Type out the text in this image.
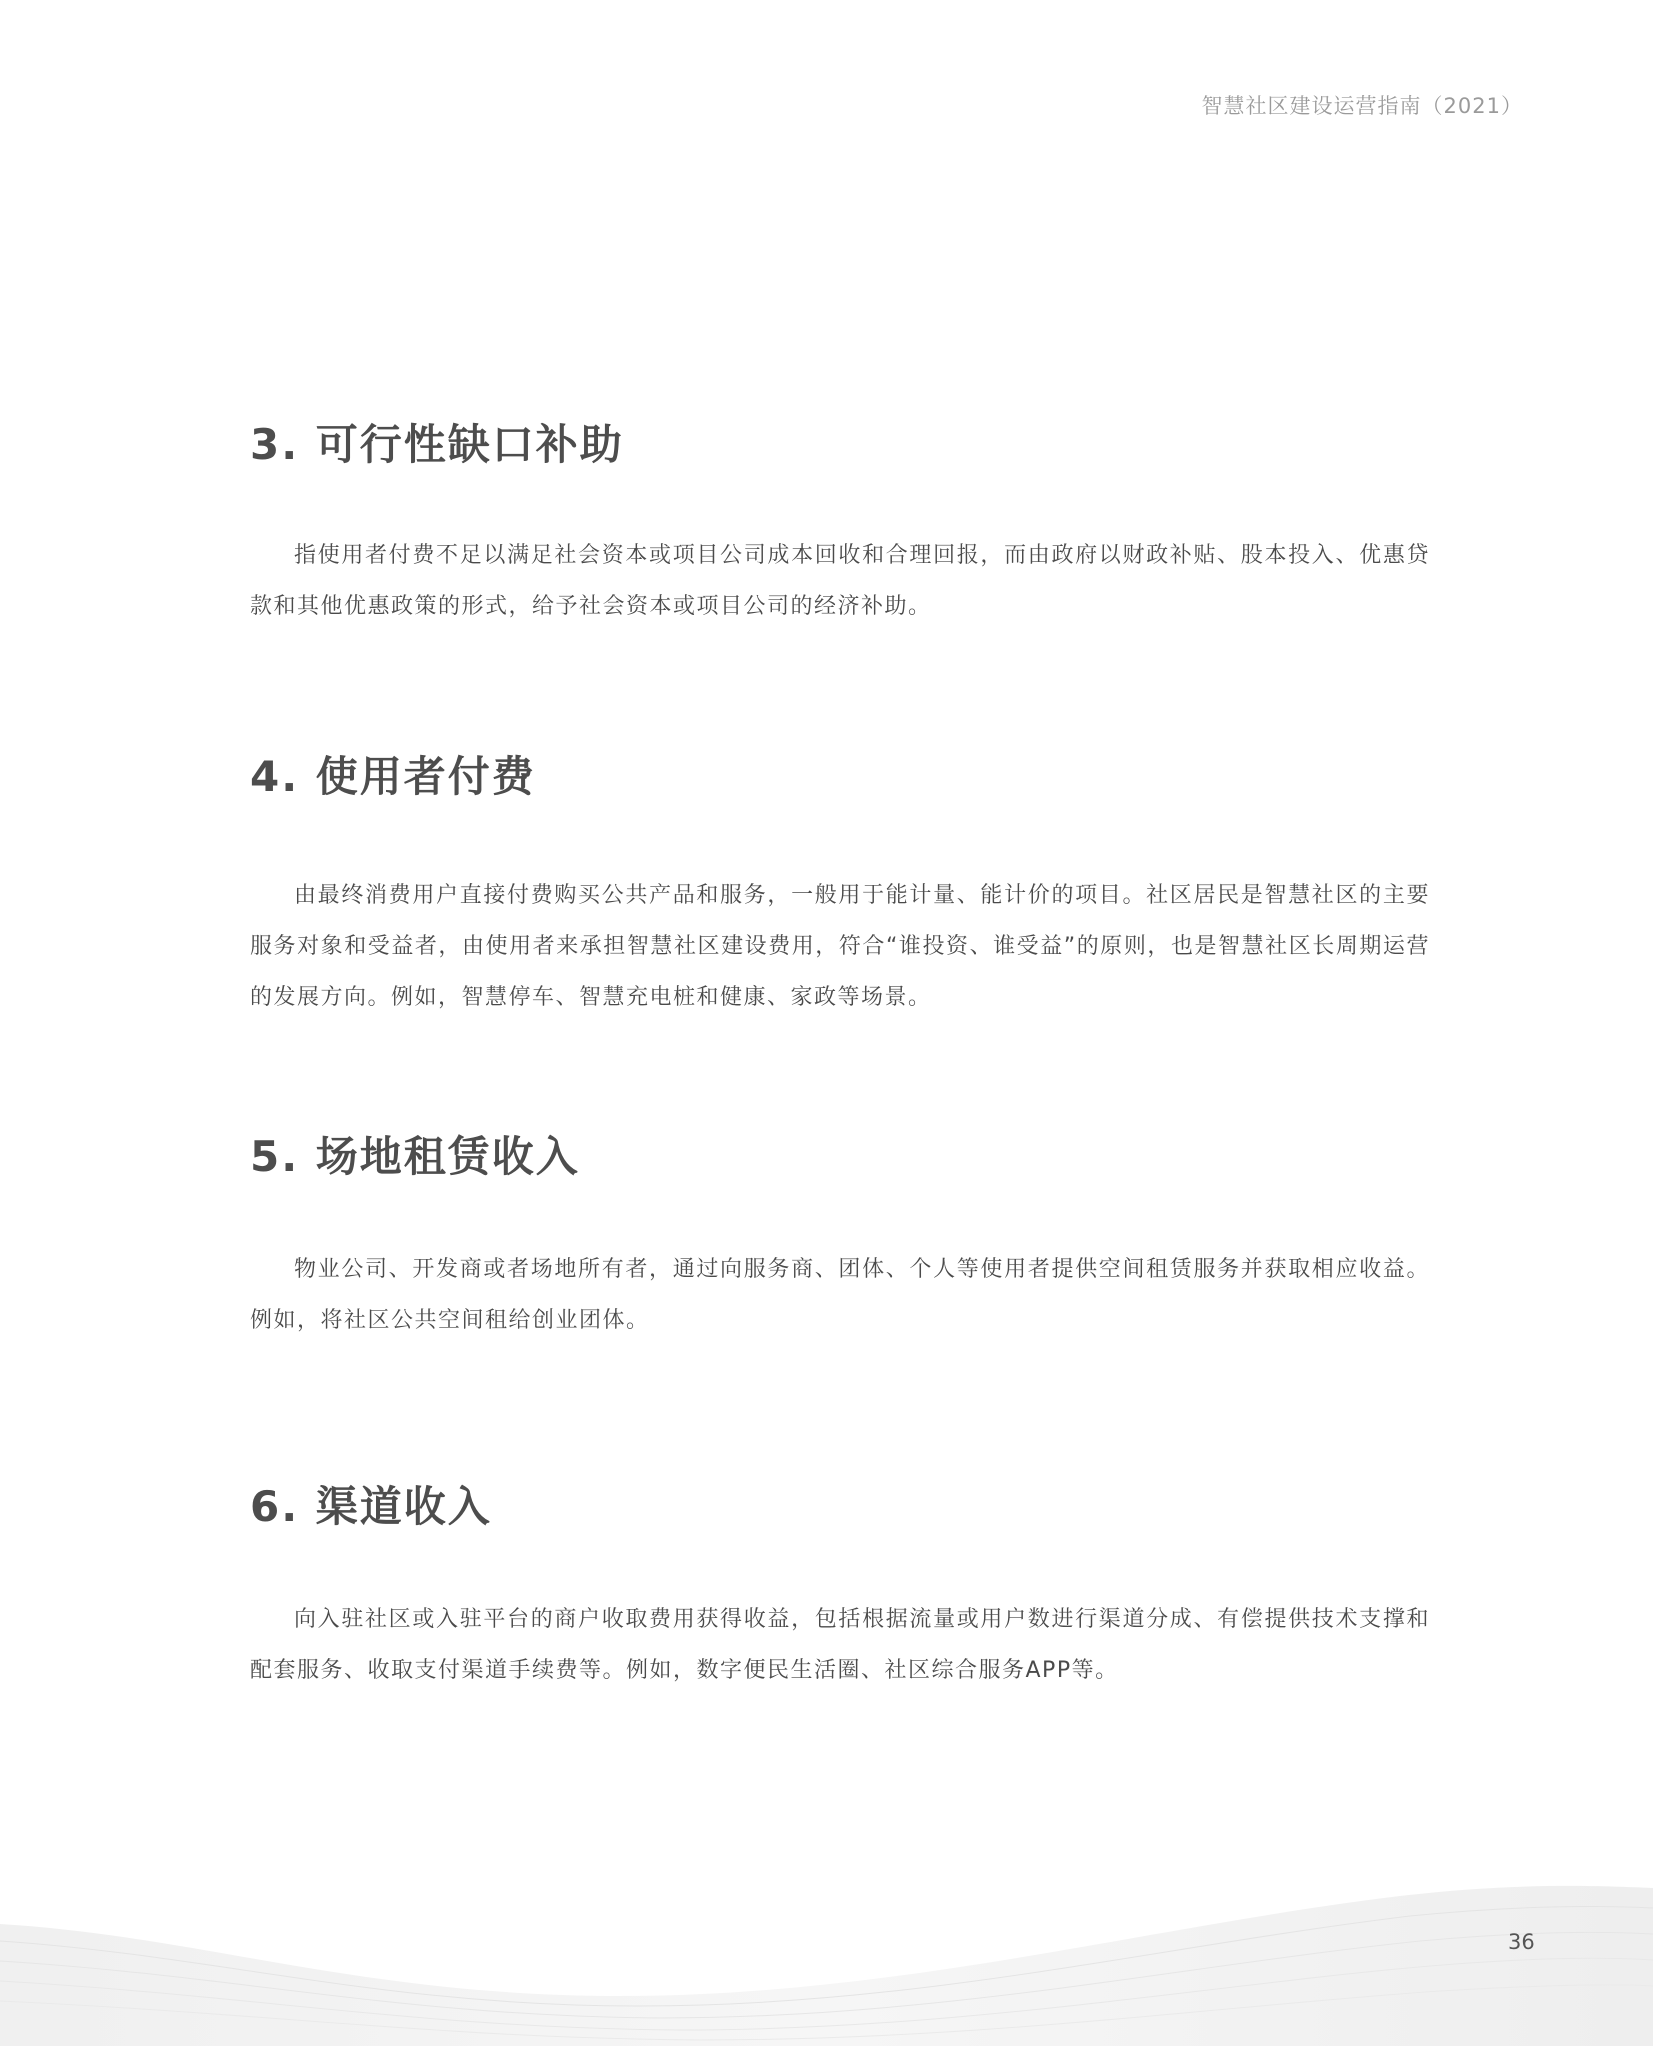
智慧社区建设运营指南（2021）
3. 可行性缺口补助

指使用者付费不足以满足社会资本或项目公司成本回收和合理回报，而由政府以财政补贴、股本投入、优惠贷款和其他优惠政策的形式，给予社会资本或项目公司的经济补助。

4. 使用者付费

由最终消费用户直接付费购买公共产品和服务，一般用于能计量、能计价的项目。社区居民是智慧社区的主要服务对象和受益者，由使用者来承担智慧社区建设费用，符合“谁投资、谁受益”的原则，也是智慧社区长周期运营的发展方向。例如，智慧停车、智慧充电桩和健康、家政等场景。

5. 场地租赁收入

物业公司、开发商或者场地所有者，通过向服务商、团体、个人等使用者提供空间租赁服务并获取相应收益。例如，将社区公共空间租给创业团体。

6. 渠道收入

向入驻社区或入驻平台的商户收取费用获得收益，包括根据流量或用户数进行渠道分成、有偿提供技术支撑和配套服务、收取支付渠道手续费等。例如，数字便民生活圈、社区综合服务APP等。

36
